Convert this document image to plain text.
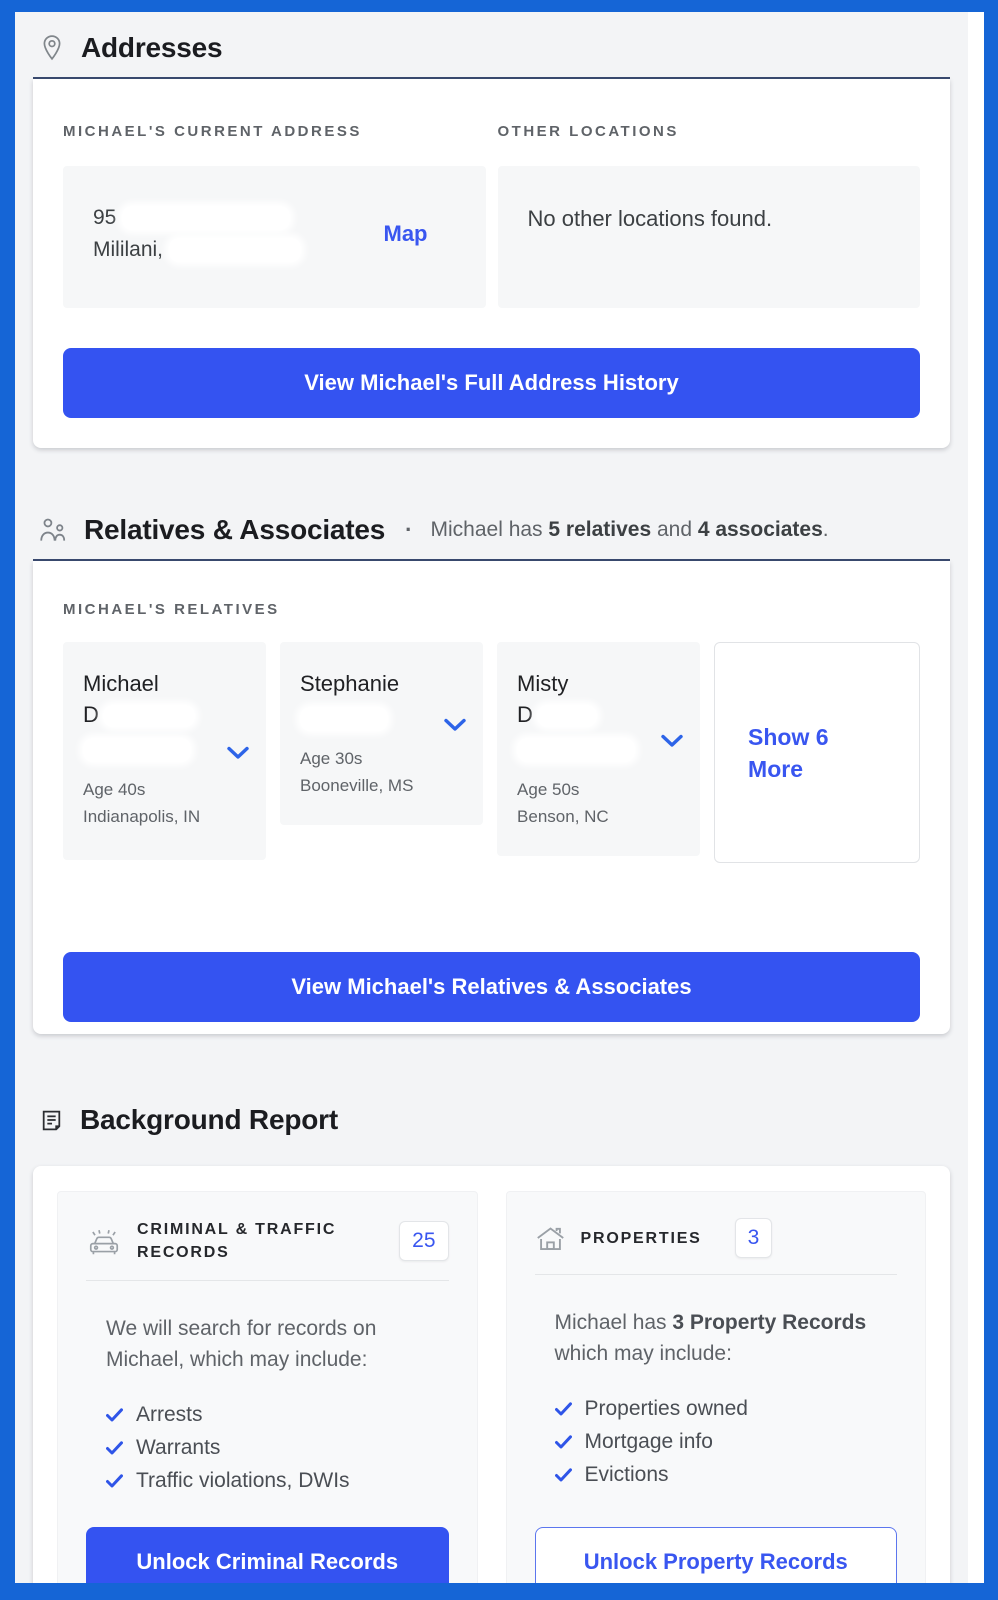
Addresses
MICHAEL'S CURRENT ADDRESS
95
Mililani,
Map
OTHER LOCATIONS
No other locations found.
View Michael's Full Address History
Relatives & Associates · Michael has 5 relatives and 4 associates.
MICHAEL'S RELATIVES
Michael
D
Age 40s
Indianapolis, IN
Stephanie
Age 30s
Booneville, MS
Misty
D
Age 50s
Benson, NC
Show 6 More
View Michael's Relatives & Associates
Background Report
CRIMINAL & TRAFFIC RECORDS
25
We will search for records on Michael, which may include:
Arrests
Warrants
Traffic violations, DWIs
Unlock Criminal Records
PROPERTIES	3
Michael has 3 Property Records which may include:
Properties owned
Mortgage info
Evictions
Unlock Property Records
